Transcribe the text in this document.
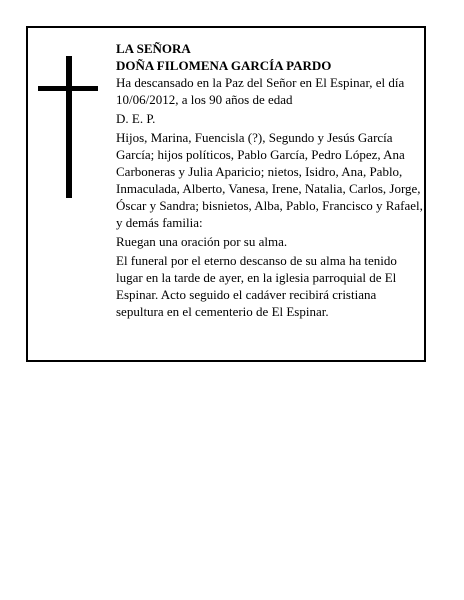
LA SEÑORA

DOÑA FILOMENA GARCÍA PARDO

Ha descansado en la Paz del Señor en El Espinar, el día 10/06/2012, a los 90 años de edad

D. E. P.

Hijos, Marina, Fuencisla (?), Segundo y Jesús García García; hijos políticos, Pablo García, Pedro López, Ana Carboneras y Julia Aparicio; nietos, Isidro, Ana, Pablo, Inmaculada, Alberto, Vanesa, Irene, Natalia, Carlos, Jorge, Óscar y Sandra; bisnietos, Alba, Pablo, Francisco y Rafael, y demás familia:

Ruegan una oración por su alma.

El funeral por el eterno descanso de su alma ha tenido lugar en la tarde de ayer, en la iglesia parroquial de El Espinar. Acto seguido el cadáver recibirá cristiana sepultura en el cementerio de El Espinar.
